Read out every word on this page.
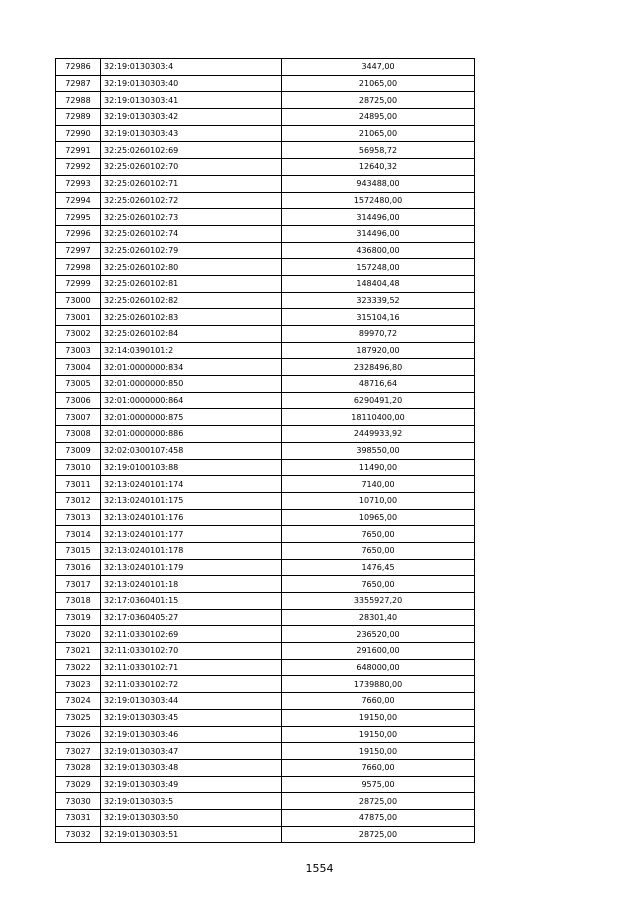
72986	32:19:0130303:4	3447,00
72987	32:19:0130303:40	21065,00
72988	32:19:0130303:41	28725,00
72989	32:19:0130303:42	24895,00
72990	32:19:0130303:43	21065,00
72991	32:25:0260102:69	56958,72
72992	32:25:0260102:70	12640,32
72993	32:25:0260102:71	943488,00
72994	32:25:0260102:72	1572480,00
72995	32:25:0260102:73	314496,00
72996	32:25:0260102:74	314496,00
72997	32:25:0260102:79	436800,00
72998	32:25:0260102:80	157248,00
72999	32:25:0260102:81	148404,48
73000	32:25:0260102:82	323339,52
73001	32:25:0260102:83	315104,16
73002	32:25:0260102:84	89970,72
73003	32:14:0390101:2	187920,00
73004	32:01:0000000:834	2328496,80
73005	32:01:0000000:850	48716,64
73006	32:01:0000000:864	6290491,20
73007	32:01:0000000:875	18110400,00
73008	32:01:0000000:886	2449933,92
73009	32:02:0300107:458	398550,00
73010	32:19:0100103:88	11490,00
73011	32:13:0240101:174	7140,00
73012	32:13:0240101:175	10710,00
73013	32:13:0240101:176	10965,00
73014	32:13:0240101:177	7650,00
73015	32:13:0240101:178	7650,00
73016	32:13:0240101:179	1476,45
73017	32:13:0240101:18	7650,00
73018	32:17:0360401:15	3355927,20
73019	32:17:0360405:27	28301,40
73020	32:11:0330102:69	236520,00
73021	32:11:0330102:70	291600,00
73022	32:11:0330102:71	648000,00
73023	32:11:0330102:72	1739880,00
73024	32:19:0130303:44	7660,00
73025	32:19:0130303:45	19150,00
73026	32:19:0130303:46	19150,00
73027	32:19:0130303:47	19150,00
73028	32:19:0130303:48	7660,00
73029	32:19:0130303:49	9575,00
73030	32:19:0130303:5	28725,00
73031	32:19:0130303:50	47875,00
73032	32:19:0130303:51	28725,00
1554
